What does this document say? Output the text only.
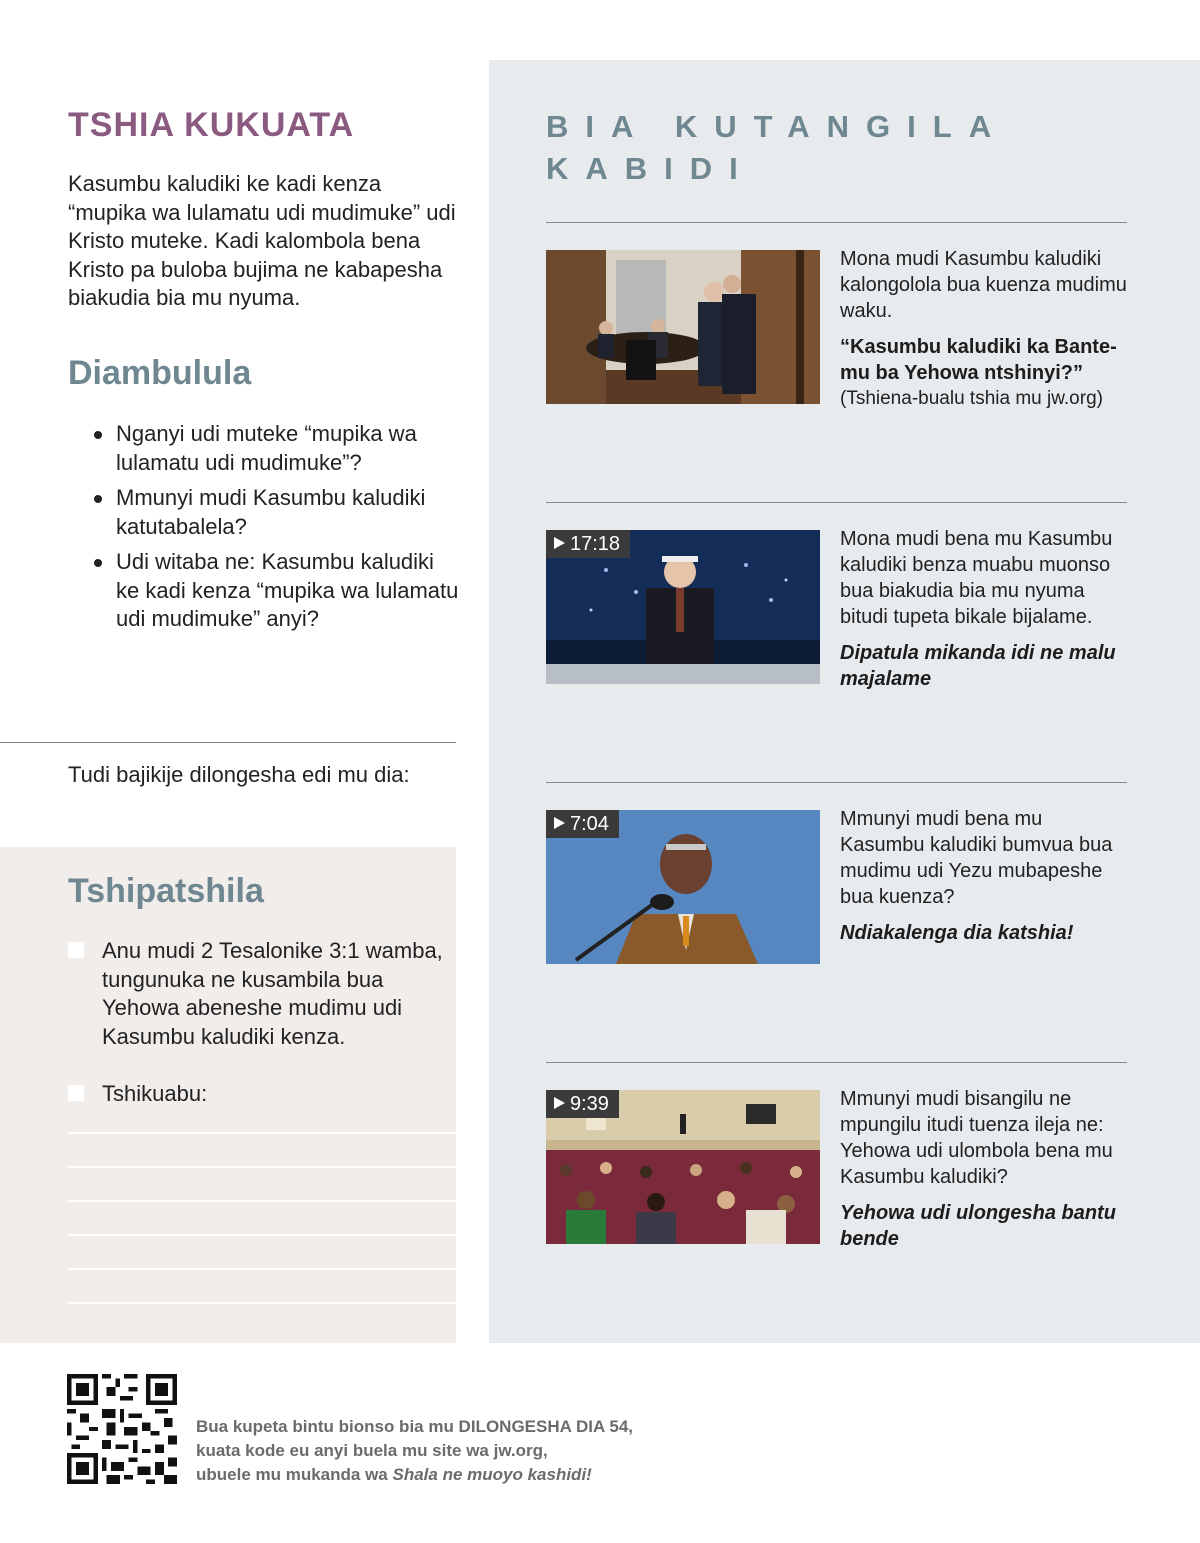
TSHIA KUKUATA

Kasumbu kaludiki ke kadi kenza “mupika wa lulamatu udi mudimuke” udi Kristo muteke. Kadi kalombola bena Kristo pa buloba bujima ne kabapesha biakudia bia mu nyuma.

Diambulula
Nganyi udi muteke “mupika wa lulamatu udi mudimuke”?
Mmunyi mudi Kasumbu kaludiki katutabalela?
Udi witaba ne: Kasumbu kaludiki ke kadi kenza “mupika wa lulamatu udi mudimuke” anyi?

Tudi bajikije dilongesha edi mu dia:

Tshipatshila
Anu mudi 2 Tesalonike 3:1 wamba, tungunuka ne kusambila bua Yehowa abeneshe mudimu udi Kasumbu kaludiki kenza.
Tshikuabu:
BIA KUTANGILA KABIDI

Mona mudi Kasumbu kaludiki kalongolola bua kuenza mudimu waku.

“Kasumbu kaludiki ka Bante-mu ba Yehowa ntshinyi?”

(Tshiena-bualu tshia mu jw.org)

17:18	Mona mudi bena mu Kasumbu kaludiki benza muabu muonso bua biakudia bia mu nyuma bitudi tupeta bikale bijalame.

Dipatula mikanda idi ne malu majalame

7:04	Mmunyi mudi bena mu Kasumbu kaludiki bumvua bua mudimu udi Yezu mubapeshe bua kuenza?

Ndiakalenga dia katshia!

9:39	Mmunyi mudi bisangilu ne mpungilu itudi tuenza ileja ne: Yehowa udi ulombola bena mu Kasumbu kaludiki?

Yehowa udi ulongesha bantu bende

Bua kupeta bintu bionso bia mu DILONGESHA DIA 54,
kuata kode eu anyi buela mu site wa jw.org,
ubuele mu mukanda wa Shala ne muoyo kashidi!
